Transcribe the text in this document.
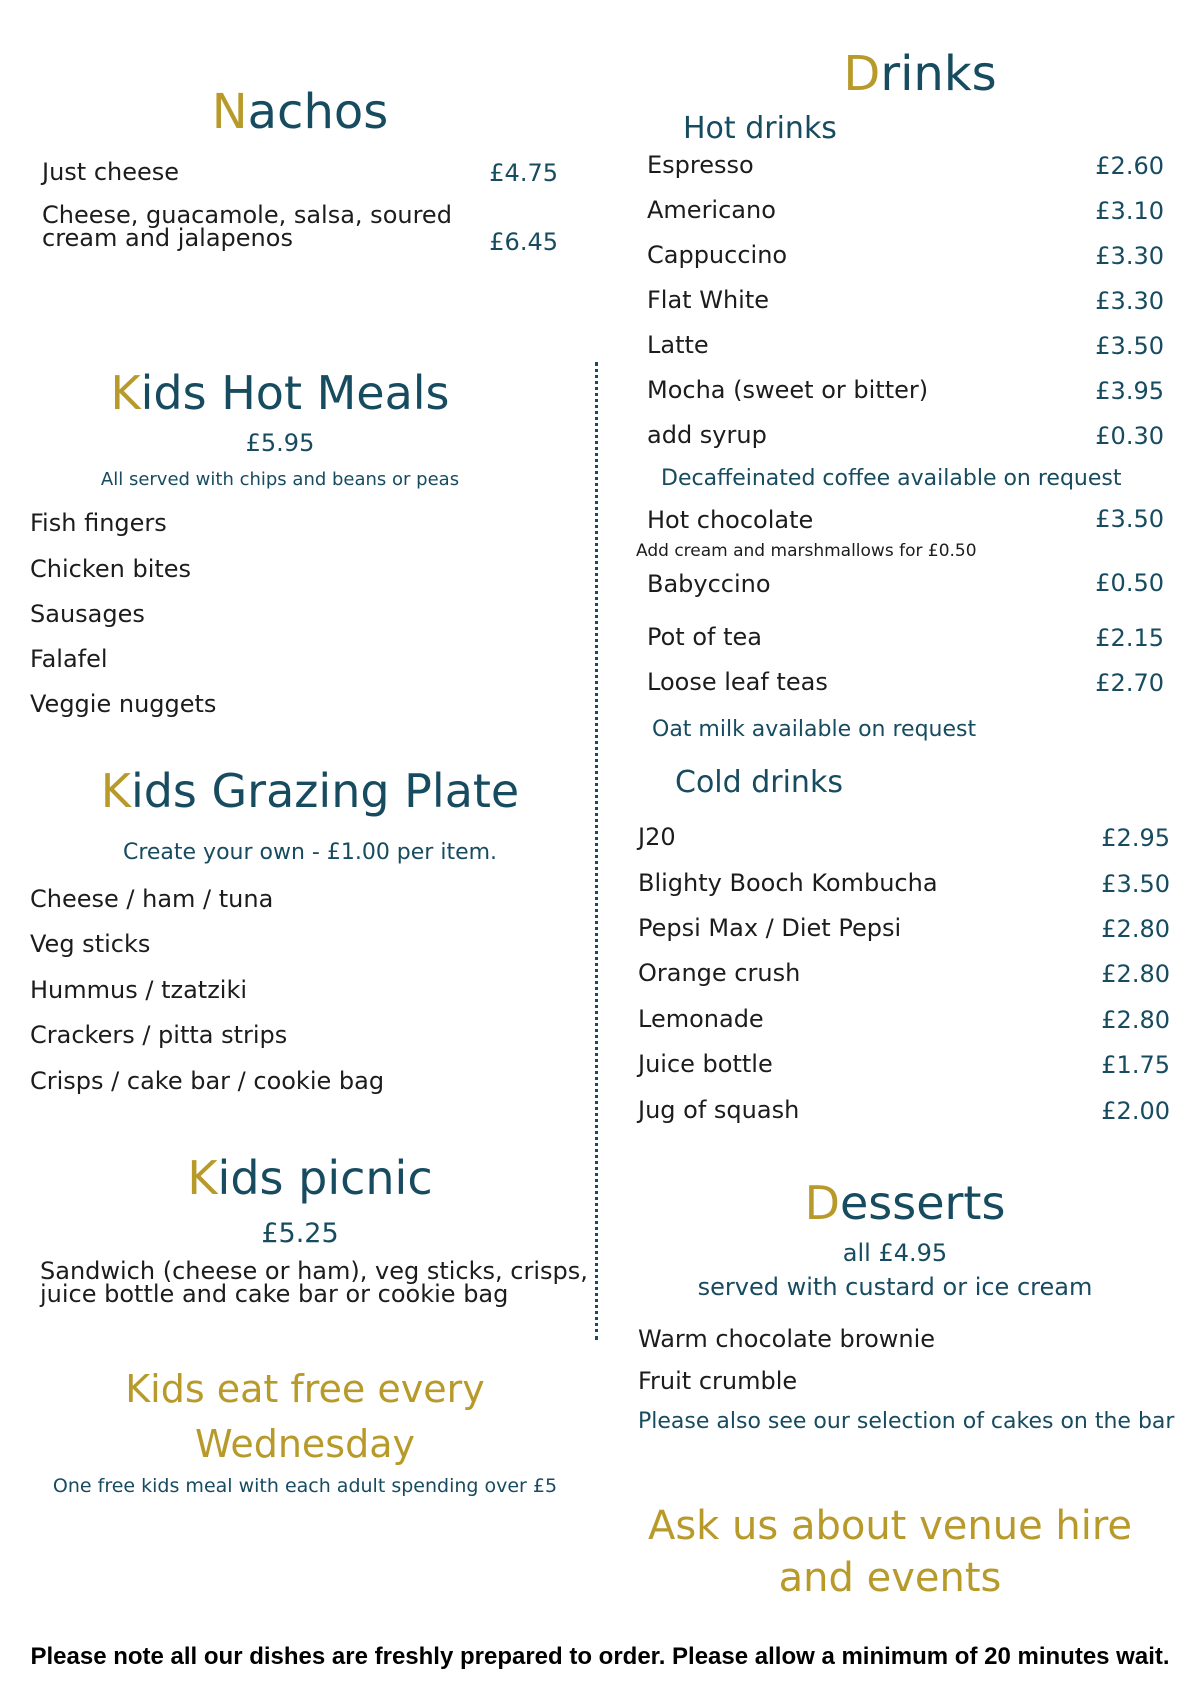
Nachos
Just cheese	£4.75
Cheese, guacamole, salsa, soured
cream and jalapenos	£6.45
Kids Hot Meals
£5.95
All served with chips and beans or peas
Fish fingers
Chicken bites
Sausages
Falafel
Veggie nuggets
Kids Grazing Plate
Create your own - £1.00 per item.
Cheese / ham / tuna
Veg sticks
Hummus / tzatziki
Crackers / pitta strips
Crisps / cake bar / cookie bag
Kids picnic
£5.25
Sandwich (cheese or ham), veg sticks, crisps,
juice bottle and cake bar or cookie bag
Kids eat free every
Wednesday
One free kids meal with each adult spending over £5
Drinks
Hot drinks
Espresso	£2.60
Americano	£3.10
Cappuccino	£3.30
Flat White	£3.30
Latte	£3.50
Mocha (sweet or bitter)	£3.95
add syrup	£0.30
Decaffeinated coffee available on request
Hot chocolate	£3.50
Add cream and marshmallows for £0.50
Babyccino	£0.50
Pot of tea	£2.15
Loose leaf teas	£2.70
Oat milk available on request
Cold drinks
J20	£2.95
Blighty Booch Kombucha	£3.50
Pepsi Max / Diet Pepsi	£2.80
Orange crush	£2.80
Lemonade	£2.80
Juice bottle	£1.75
Jug of squash	£2.00
Desserts
all £4.95
served with custard or ice cream
Warm chocolate brownie
Fruit crumble
Please also see our selection of cakes on the bar
Ask us about venue hire
and events
Please note all our dishes are freshly prepared to order. Please allow a minimum of 20 minutes wait.
